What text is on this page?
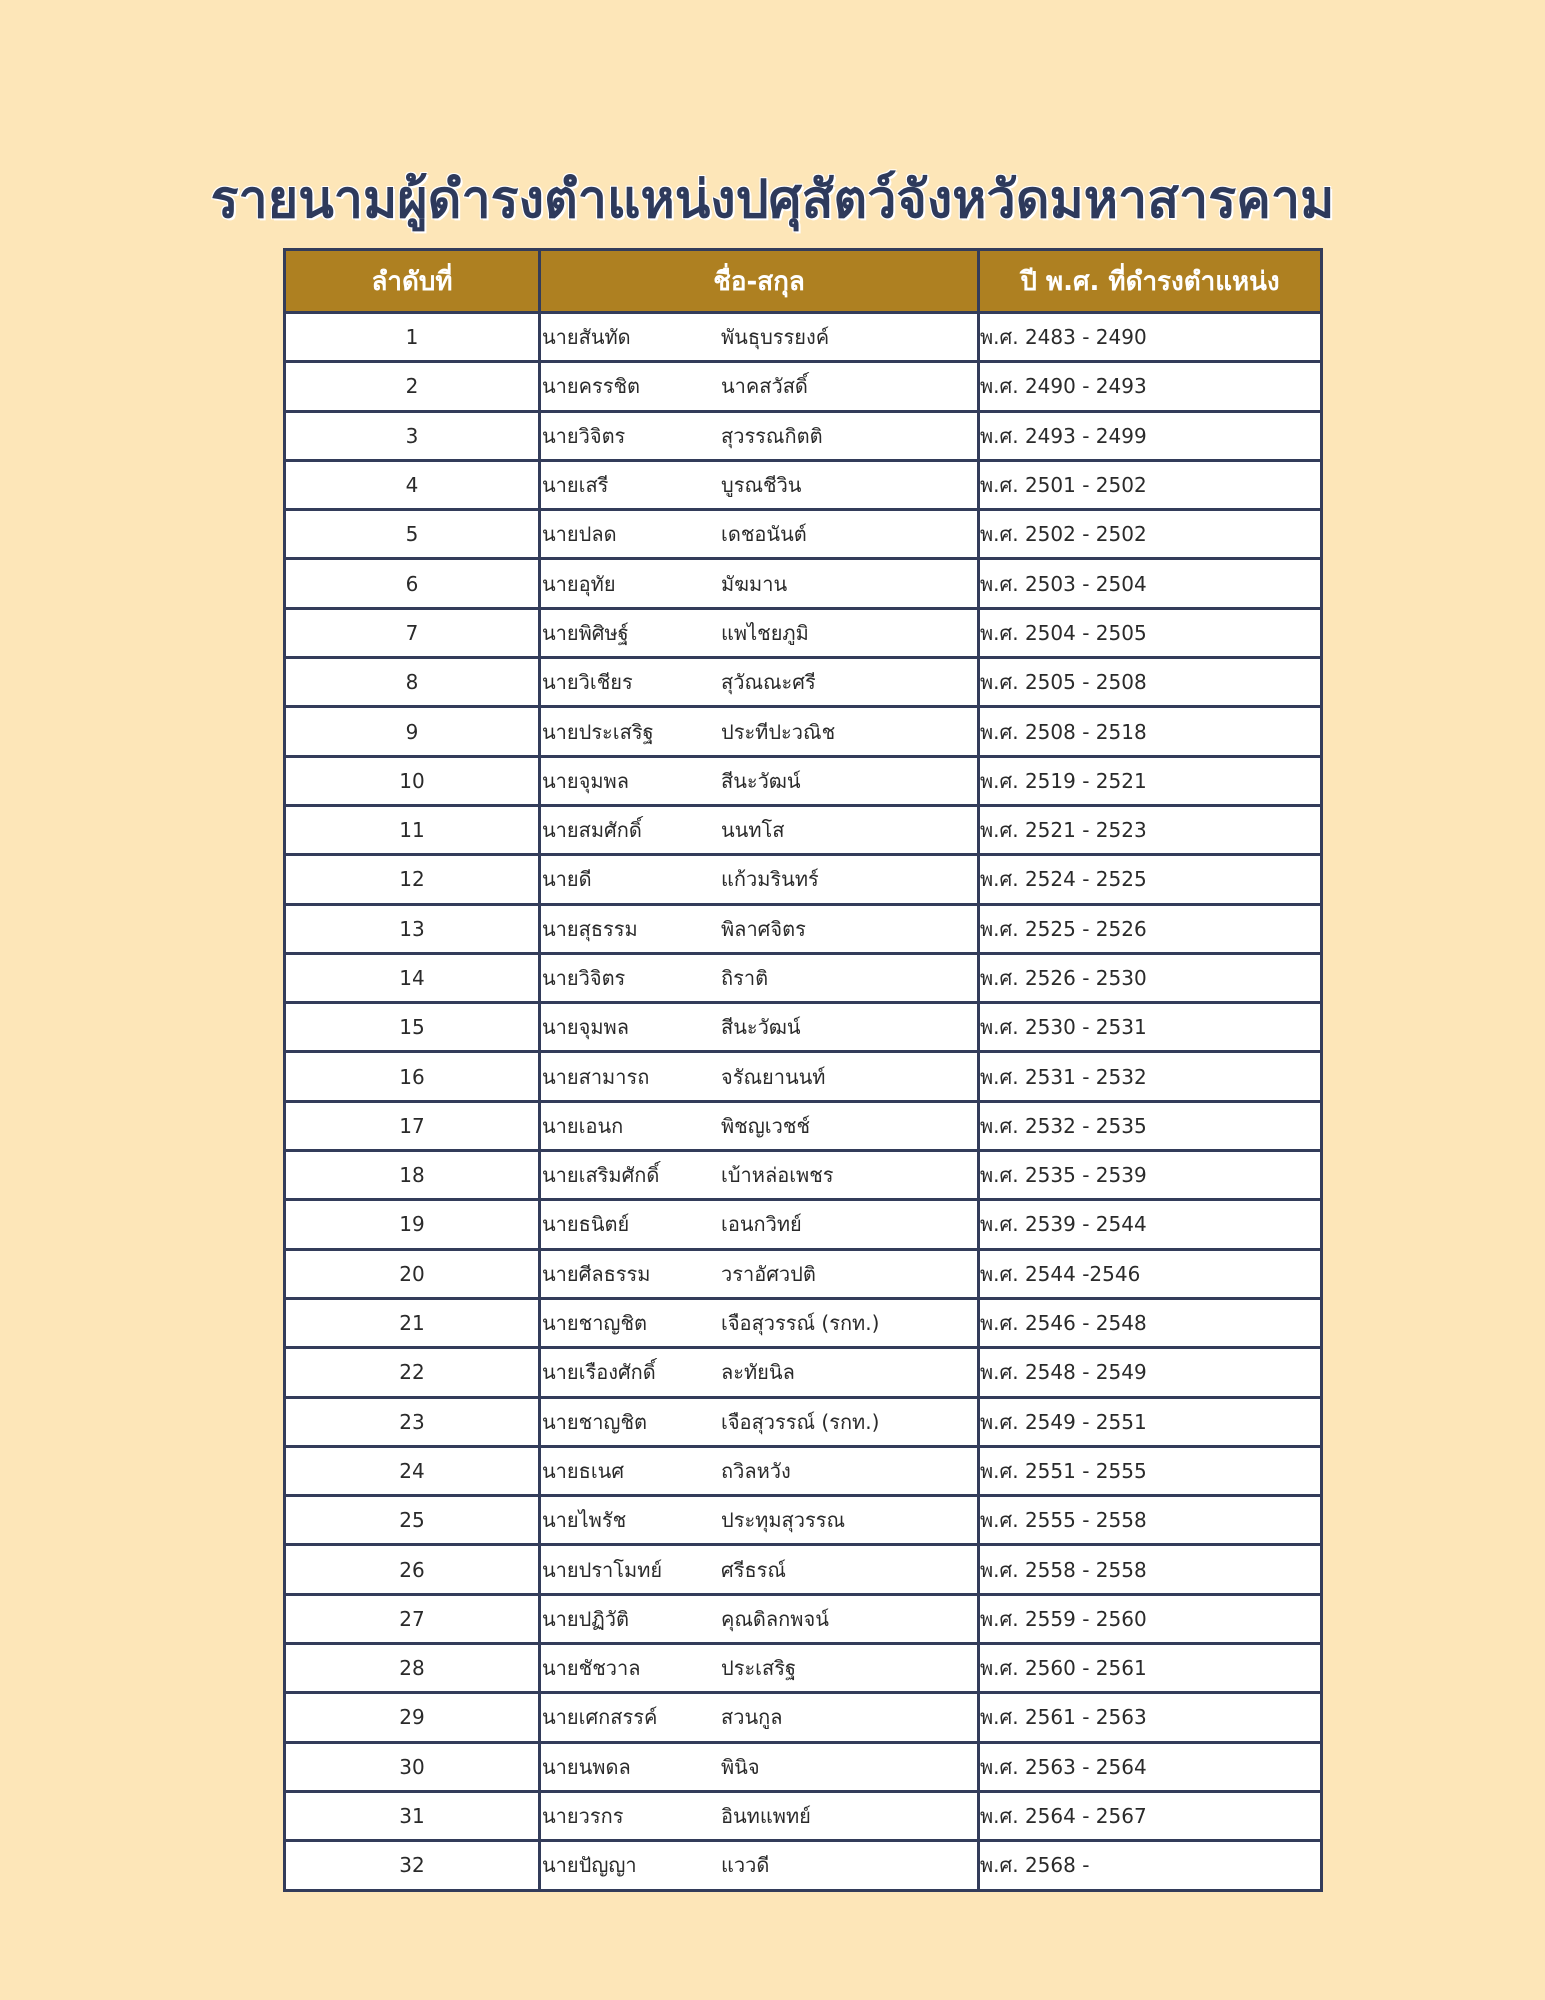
รายนามผู้ดำรงตำแหน่งปศุสัตว์จังหวัดมหาสารคาม
ลำดับที่	ชื่อ-สกุล	ปี พ.ศ. ที่ดำรงตำแหน่ง
1	นายสันทัด พันธุบรรยงค์	พ.ศ. 2483 - 2490
2	นายครรชิต นาคสวัสดิ์	พ.ศ. 2490 - 2493
3	นายวิจิตร สุวรรณกิตติ	พ.ศ. 2493 - 2499
4	นายเสรี บูรณชีวิน	พ.ศ. 2501 - 2502
5	นายปลด เดชอนันต์	พ.ศ. 2502 - 2502
6	นายอุทัย มัฆมาน	พ.ศ. 2503 - 2504
7	นายพิศิษฐ์ แพไชยภูมิ	พ.ศ. 2504 - 2505
8	นายวิเชียร สุวัณณะศรี	พ.ศ. 2505 - 2508
9	นายประเสริฐ ประทีปะวณิช	พ.ศ. 2508 - 2518
10	นายจุมพล สีนะวัฒน์	พ.ศ. 2519 - 2521
11	นายสมศักดิ์ นนทโส	พ.ศ. 2521 - 2523
12	นายดี แก้วมรินทร์	พ.ศ. 2524 - 2525
13	นายสุธรรม พิลาศจิตร	พ.ศ. 2525 - 2526
14	นายวิจิตร ถิราติ	พ.ศ. 2526 - 2530
15	นายจุมพล สีนะวัฒน์	พ.ศ. 2530 - 2531
16	นายสามารถ จรัณยานนท์	พ.ศ. 2531 - 2532
17	นายเอนก พิชญเวชช์	พ.ศ. 2532 - 2535
18	นายเสริมศักดิ์ เบ้าหล่อเพชร	พ.ศ. 2535 - 2539
19	นายธนิตย์ เอนกวิทย์	พ.ศ. 2539 - 2544
20	นายศีลธรรม วราอัศวปติ	พ.ศ. 2544 -2546
21	นายชาญชิต เจือสุวรรณ์ (รกท.)	พ.ศ. 2546 - 2548
22	นายเรืองศักดิ์ ละทัยนิล	พ.ศ. 2548 - 2549
23	นายชาญชิต เจือสุวรรณ์ (รกท.)	พ.ศ. 2549 - 2551
24	นายธเนศ ถวิลหวัง	พ.ศ. 2551 - 2555
25	นายไพรัช ประทุมสุวรรณ	พ.ศ. 2555 - 2558
26	นายปราโมทย์ ศรีธรณ์	พ.ศ. 2558 - 2558
27	นายปฏิวัติ คุณดิลกพจน์	พ.ศ. 2559 - 2560
28	นายชัชวาล ประเสริฐ	พ.ศ. 2560 - 2561
29	นายเศกสรรค์ สวนกูล	พ.ศ. 2561 - 2563
30	นายนพดล พินิจ	พ.ศ. 2563 - 2564
31	นายวรกร อินทแพทย์	พ.ศ. 2564 - 2567
32	นายปัญญา แววดี	พ.ศ. 2568 -
